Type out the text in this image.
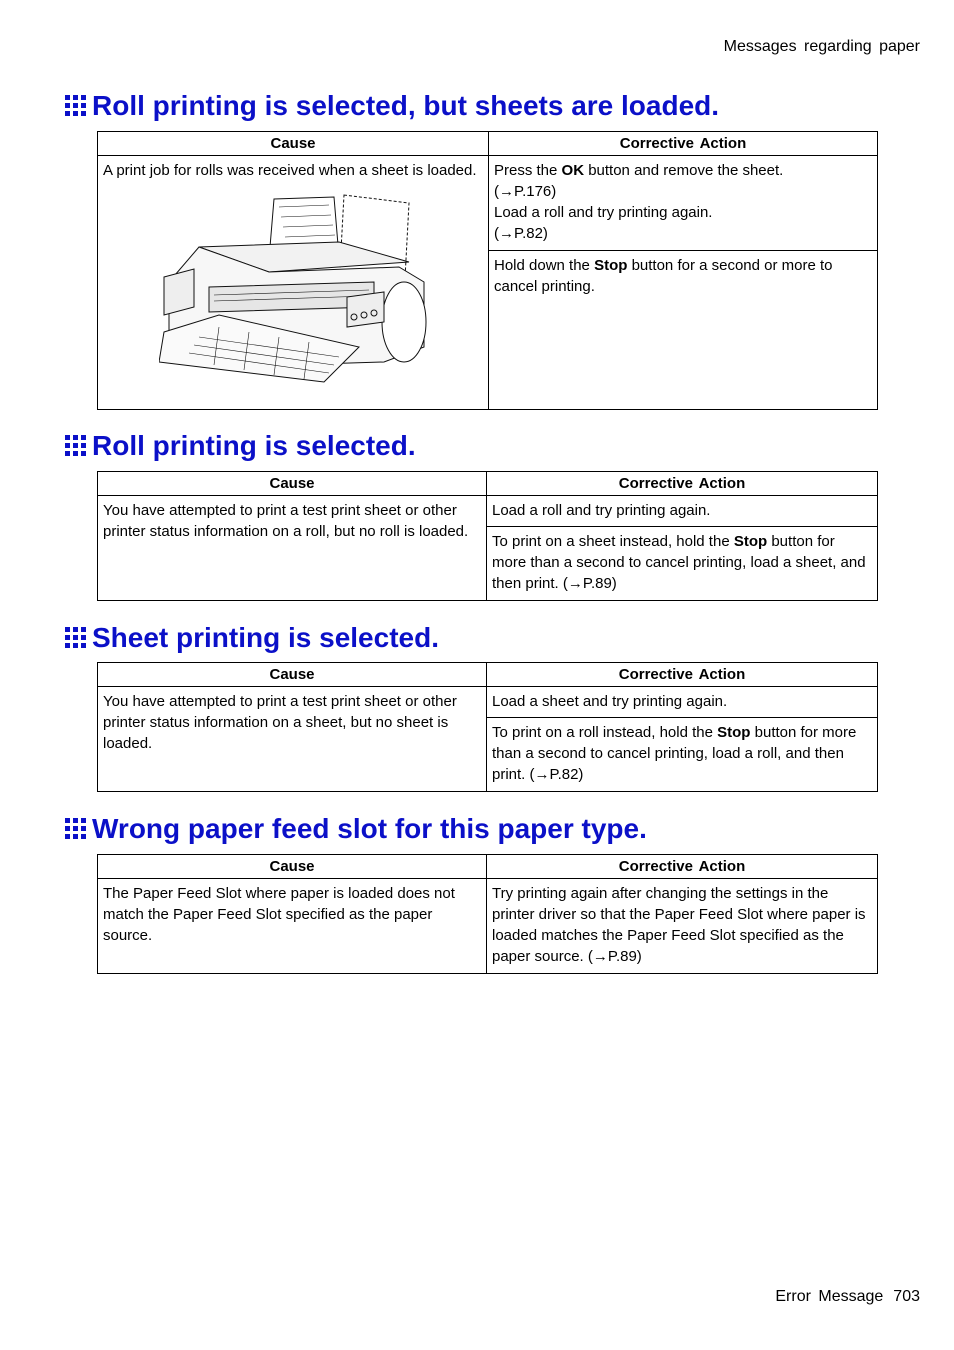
Messages regarding paper
Roll printing is selected, but sheets are loaded.
Cause	Corrective Action

A print job for rolls was received when a sheet is loaded.	Press the OK button and remove the sheet.
(→P.176)
Load a roll and try printing again.
(→P.82)

	Hold down the Stop button for a second or more to cancel printing.
Roll printing is selected.
Cause	Corrective Action
You have attempted to print a test print sheet or other printer status information on a roll, but no roll is loaded.	Load a roll and try printing again.
	To print on a sheet instead, hold the Stop button for more than a second to cancel printing, load a sheet, and then print. (→P.89)
Sheet printing is selected.
Cause	Corrective Action
You have attempted to print a test print sheet or other printer status information on a sheet, but no sheet is loaded.	Load a sheet and try printing again.
	To print on a roll instead, hold the Stop button for more than a second to cancel printing, load a roll, and then print. (→P.82)
Wrong paper feed slot for this paper type.
Cause	Corrective Action
The Paper Feed Slot where paper is loaded does not match the Paper Feed Slot specified as the paper source.	Try printing again after changing the settings in the printer driver so that the Paper Feed Slot where paper is loaded matches the Paper Feed Slot specified as the paper source. (→P.89)
Error Message 703
